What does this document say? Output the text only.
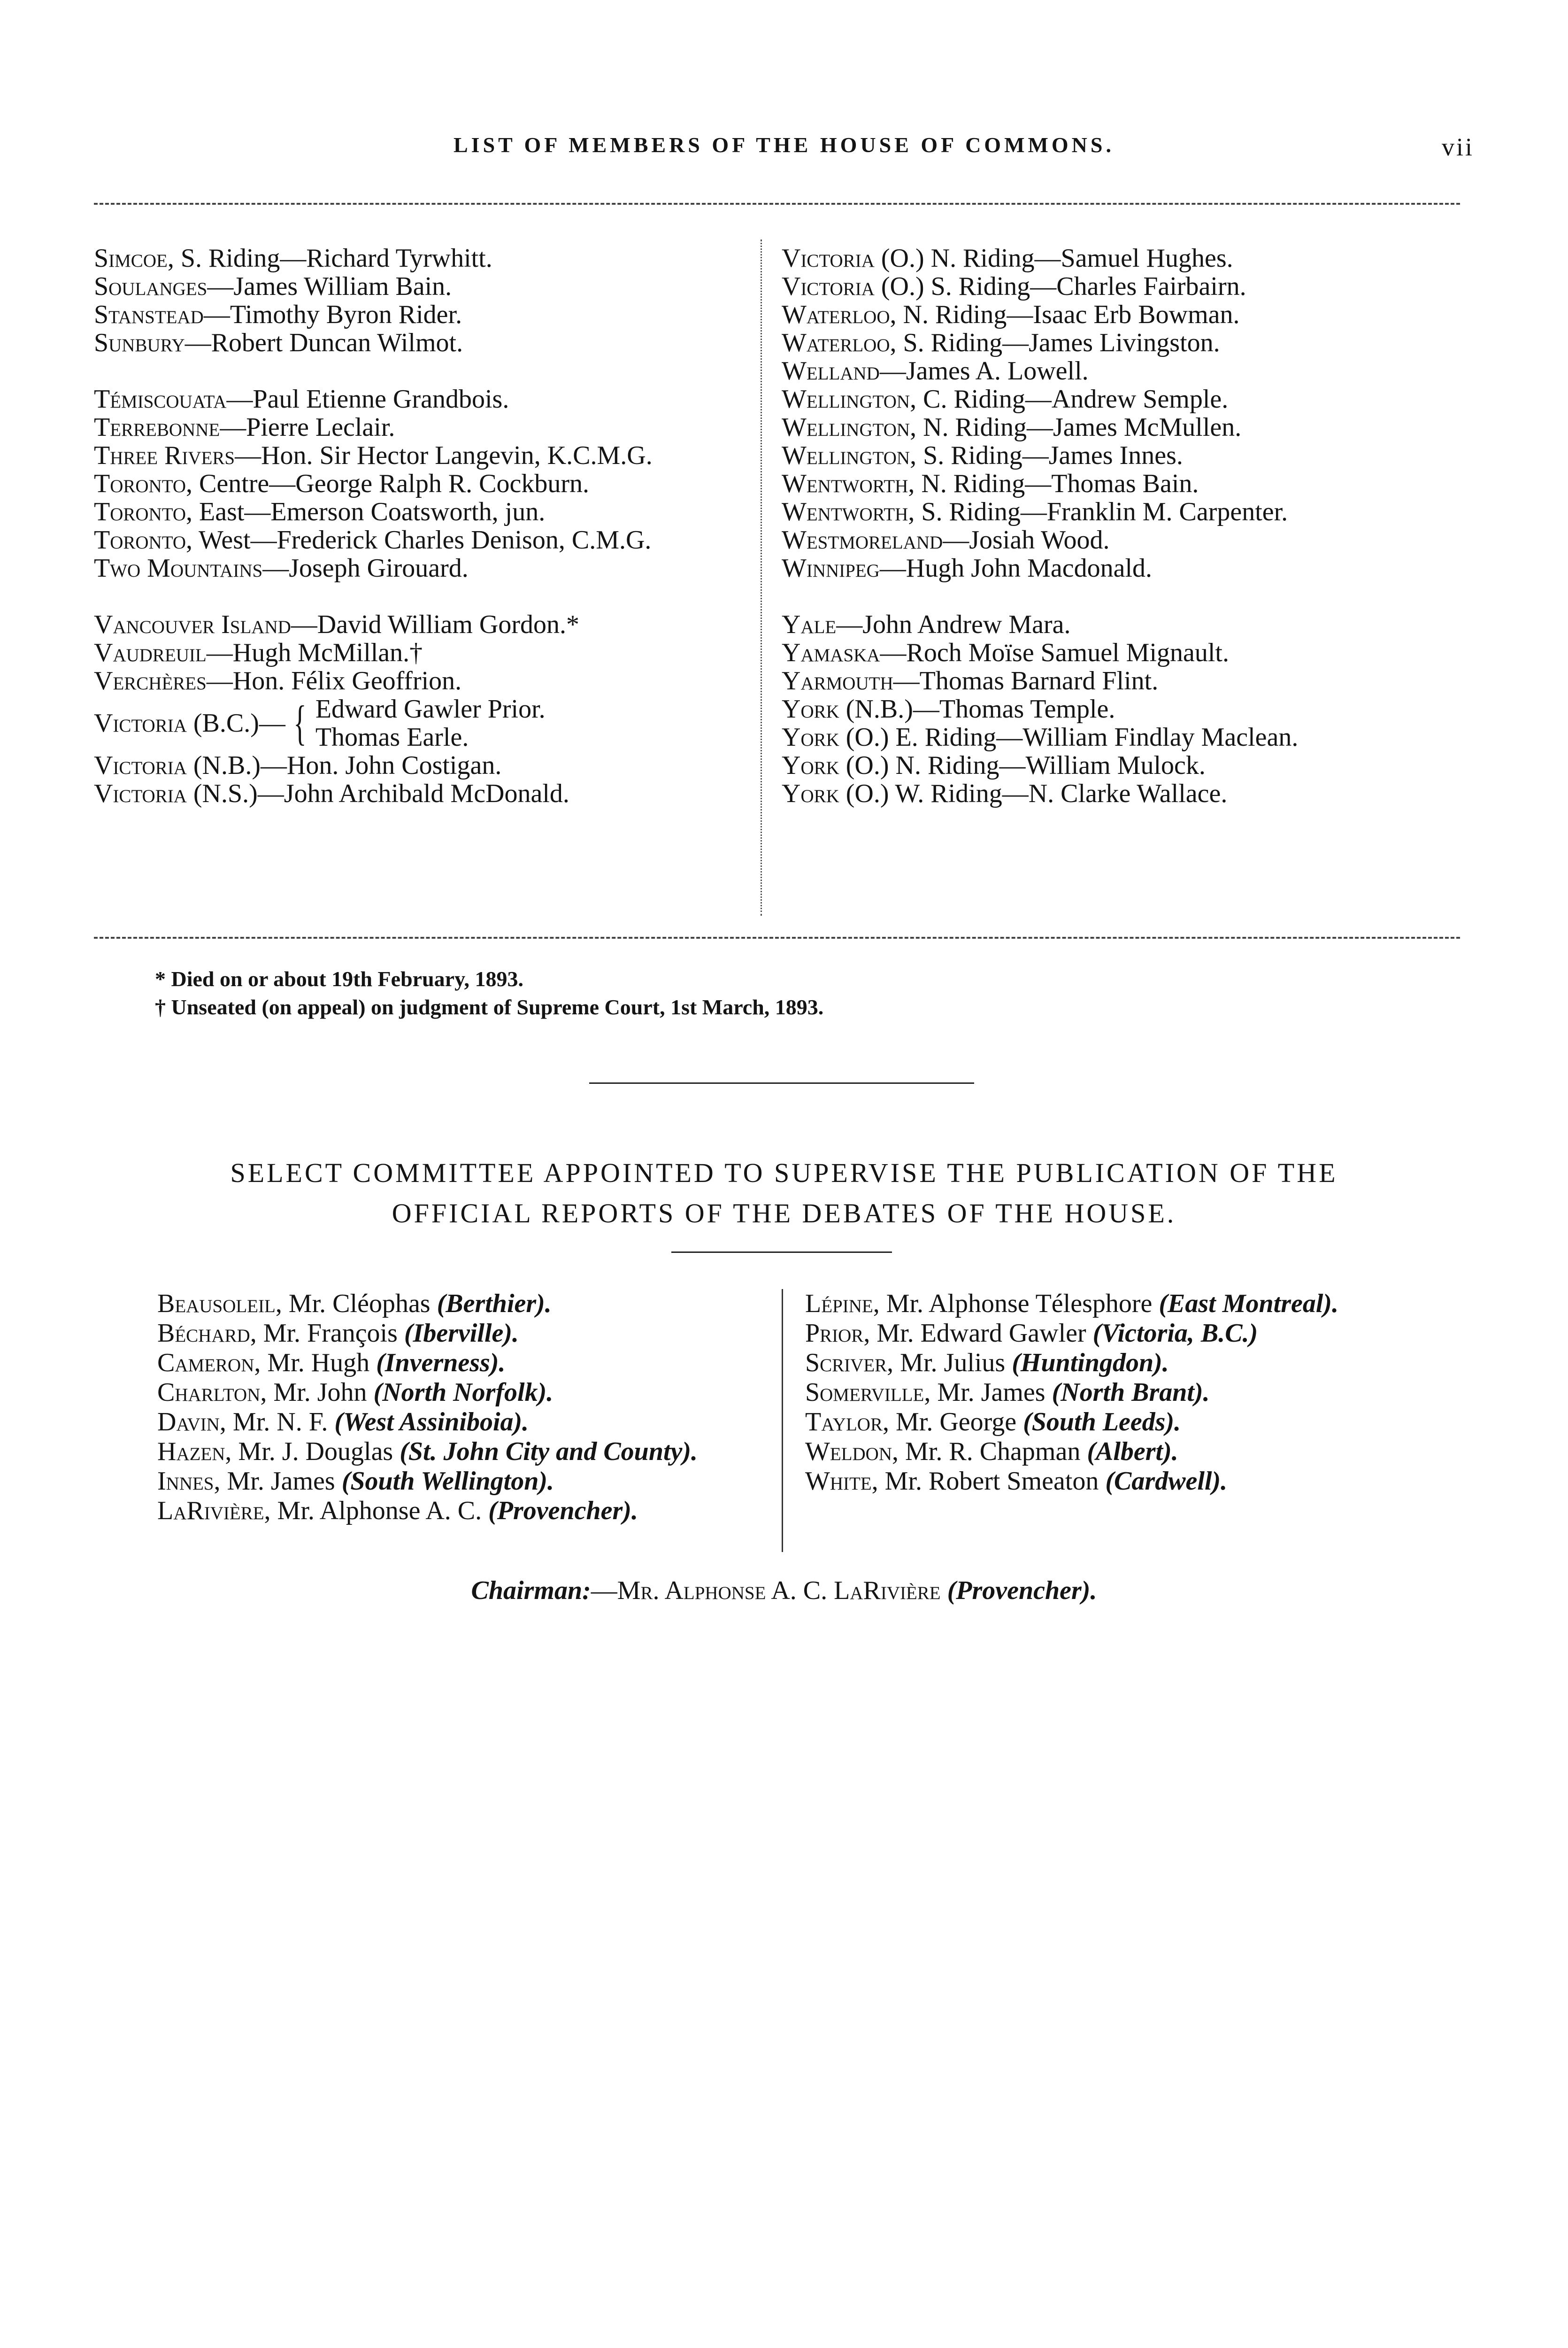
LIST OF MEMBERS OF THE HOUSE OF COMMONS.	vii
Simcoe, S. Riding—Richard Tyrwhitt.
Soulanges—James William Bain.
Stanstead—Timothy Byron Rider.
Sunbury—Robert Duncan Wilmot.
Témiscouata—Paul Etienne Grandbois.
Terrebonne—Pierre Leclair.
Three Rivers—Hon. Sir Hector Langevin, K.C.M.G.
Toronto, Centre—George Ralph R. Cockburn.
Toronto, East—Emerson Coatsworth, jun.
Toronto, West—Frederick Charles Denison, C.M.G.
Two Mountains—Joseph Girouard.
Vancouver Island—David William Gordon.*
Vaudreuil—Hugh McMillan.†
Verchères—Hon. Félix Geoffrion.
Victoria (B.C.) — { Edward Gawler Prior.
Thomas Earle.
Victoria (N.B.)—Hon. John Costigan.
Victoria (N.S.)—John Archibald McDonald.
Victoria (O.) N. Riding—Samuel Hughes.
Victoria (O.) S. Riding—Charles Fairbairn.
Waterloo, N. Riding—Isaac Erb Bowman.
Waterloo, S. Riding—James Livingston.
Welland—James A. Lowell.
Wellington, C. Riding—Andrew Semple.
Wellington, N. Riding—James McMullen.
Wellington, S. Riding—James Innes.
Wentworth, N. Riding—Thomas Bain.
Wentworth, S. Riding—Franklin M. Carpenter.
Westmoreland—Josiah Wood.
Winnipeg—Hugh John Macdonald.
Yale—John Andrew Mara.
Yamaska—Roch Moïse Samuel Mignault.
Yarmouth—Thomas Barnard Flint.
York (N.B.)—Thomas Temple.
York (O.) E. Riding—William Findlay Maclean.
York (O.) N. Riding—William Mulock.
York (O.) W. Riding—N. Clarke Wallace.
* Died on or about 19th February, 1893.
† Unseated (on appeal) on judgment of Supreme Court, 1st March, 1893.
SELECT COMMITTEE APPOINTED TO SUPERVISE THE PUBLICATION OF THE
OFFICIAL REPORTS OF THE DEBATES OF THE HOUSE.
Beausoleil, Mr. Cléophas (Berthier).
Béchard, Mr. François (Iberville).
Cameron, Mr. Hugh (Inverness).
Charlton, Mr. John (North Norfolk).
Davin, Mr. N. F. (West Assiniboia).
Hazen, Mr. J. Douglas (St. John City and County).
Innes, Mr. James (South Wellington).
LaRivière, Mr. Alphonse A. C. (Provencher).
Lépine, Mr. Alphonse Télesphore (East Montreal).
Prior, Mr. Edward Gawler (Victoria, B.C.)
Scriver, Mr. Julius (Huntingdon).
Somerville, Mr. James (North Brant).
Taylor, Mr. George (South Leeds).
Weldon, Mr. R. Chapman (Albert).
White, Mr. Robert Smeaton (Cardwell).
Chairman:—Mr. Alphonse A. C. LaRivière (Provencher).
